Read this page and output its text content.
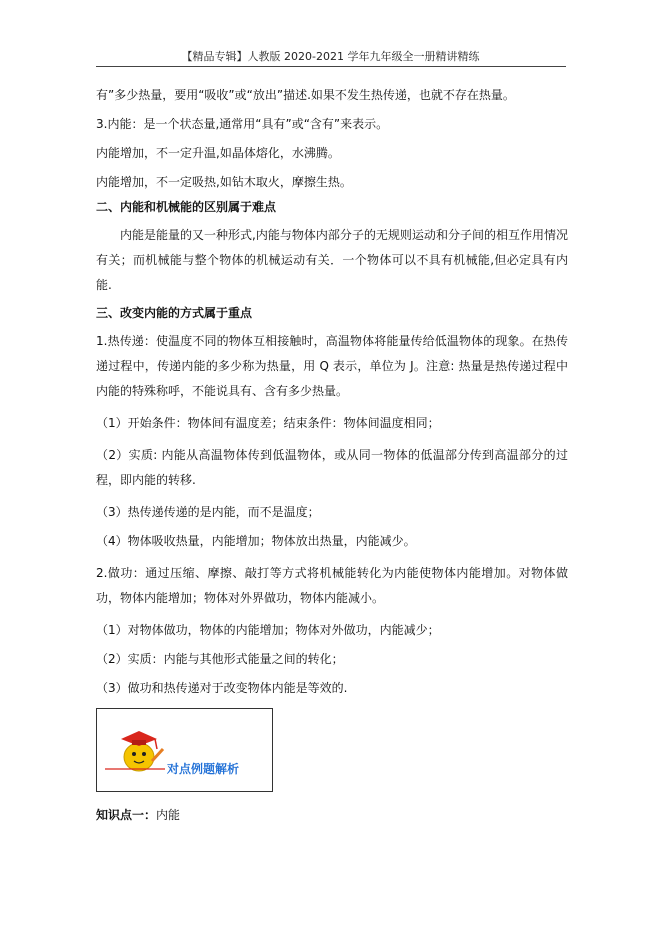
【精品专辑】人教版 2020-2021 学年九年级全一册精讲精练

有”多少热量，要用“吸收”或“放出”描述.如果不发生热传递，也就不存在热量。

3.内能：是一个状态量,通常用“具有”或“含有”来表示。

内能增加，不一定升温,如晶体熔化，水沸腾。

内能增加，不一定吸热,如钻木取火，摩擦生热。

二、内能和机械能的区别属于难点

内能是能量的又一种形式,内能与物体内部分子的无规则运动和分子间的相互作用情况有关；而机械能与整个物体的机械运动有关．一个物体可以不具有机械能,但必定具有内能.

三、改变内能的方式属于重点

1.热传递：使温度不同的物体互相接触时，高温物体将能量传给低温物体的现象。在热传递过程中，传递内能的多少称为热量，用 Q 表示，单位为 J。注意: 热量是热传递过程中内能的特殊称呼，不能说具有、含有多少热量。

（1）开始条件：物体间有温度差；结束条件：物体间温度相同；

（2）实质: 内能从高温物体传到低温物体，或从同一物体的低温部分传到高温部分的过程，即内能的转移.

（3）热传递传递的是内能，而不是温度；

（4）物体吸收热量，内能增加；物体放出热量，内能减少。

2.做功：通过压缩、摩擦、敲打等方式将机械能转化为内能使物体内能增加。对物体做功，物体内能增加；物体对外界做功，物体内能减小。

（1）对物体做功，物体的内能增加；物体对外做功，内能减少；

（2）实质：内能与其他形式能量之间的转化；

（3）做功和热传递对于改变物体内能是等效的.

对点例题解析

知识点一：内能
